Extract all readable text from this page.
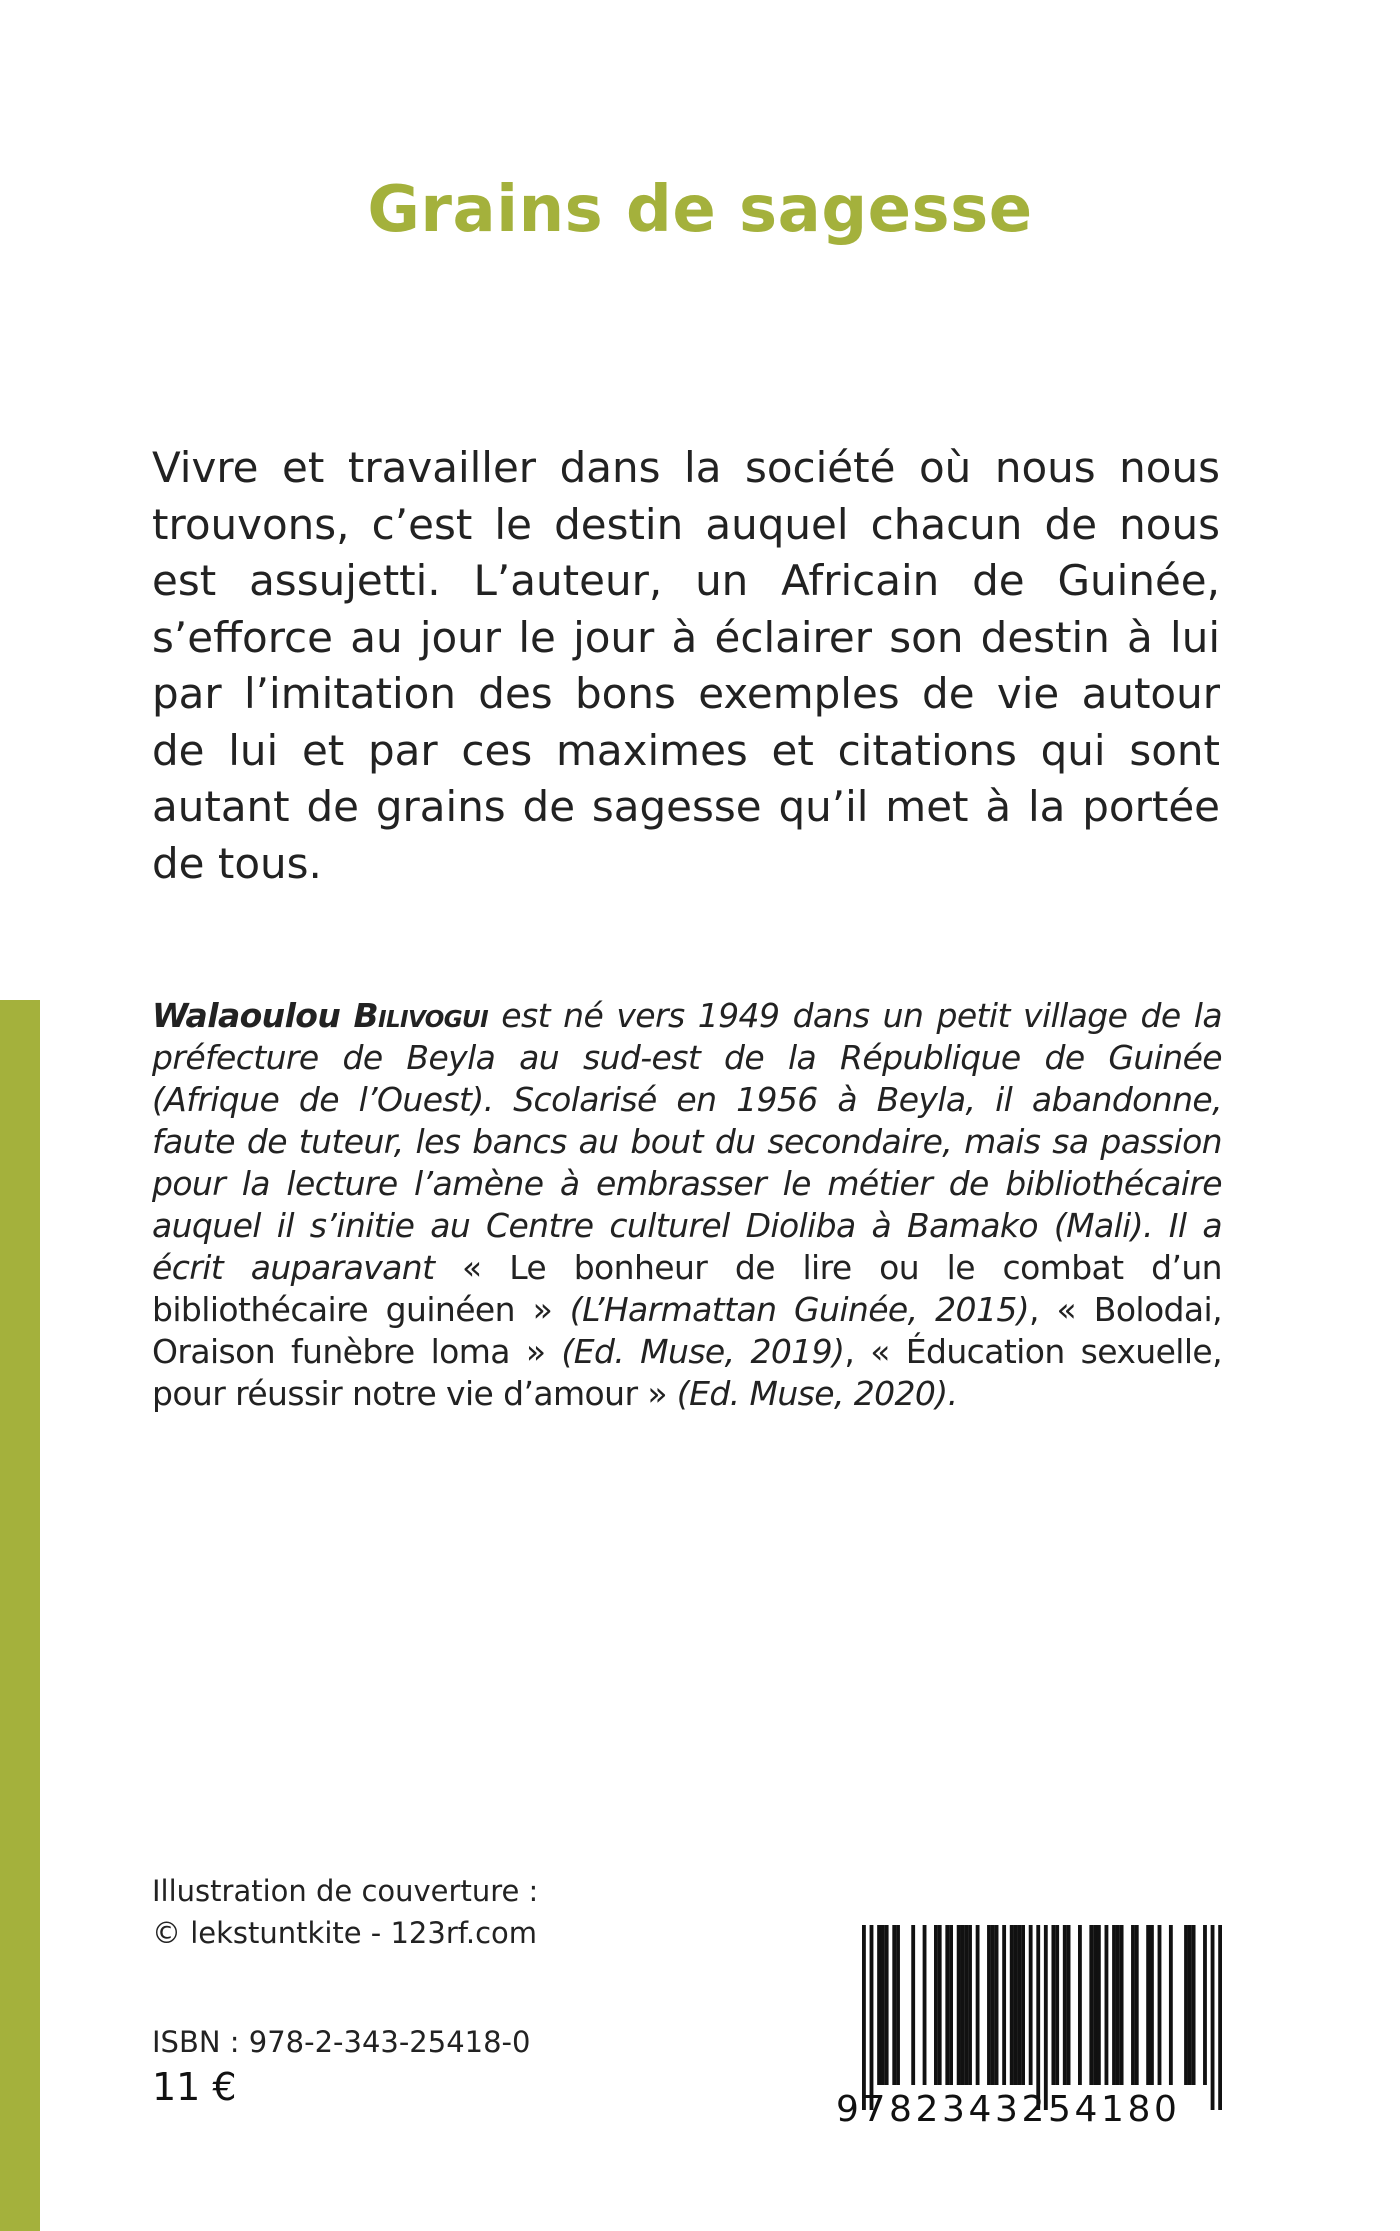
Grains de sagesse

Vivre et travailler dans la société où nous nous trouvons, c’est le destin auquel chacun de nous est assujetti. L’auteur, un Africain de Guinée, s’efforce au jour le jour à éclairer son destin à lui par l’imitation des bons exemples de vie autour de lui et par ces maximes et citations qui sont autant de grains de sagesse qu’il met à la portée de tous.

Walaoulou Bilivogui est né vers 1949 dans un petit village de la préfecture de Beyla au sud-est de la République de Guinée (Afrique de l’Ouest). Scolarisé en 1956 à Beyla, il abandonne, faute de tuteur, les bancs au bout du secondaire, mais sa passion pour la lecture l’amène à embrasser le métier de bibliothécaire auquel il s’initie au Centre culturel Dioliba à Bamako (Mali). Il a écrit auparavant « Le bonheur de lire ou le combat d’un bibliothécaire guinéen » (L’Harmattan Guinée, 2015), « Bolodai, Oraison funèbre loma » (Ed. Muse, 2019), « Éducation sexuelle, pour réussir notre vie d’amour » (Ed. Muse, 2020).

Illustration de couverture :
© lekstuntkite - 123rf.com
ISBN : 978-2-343-25418-0
11 €
9782343254180
